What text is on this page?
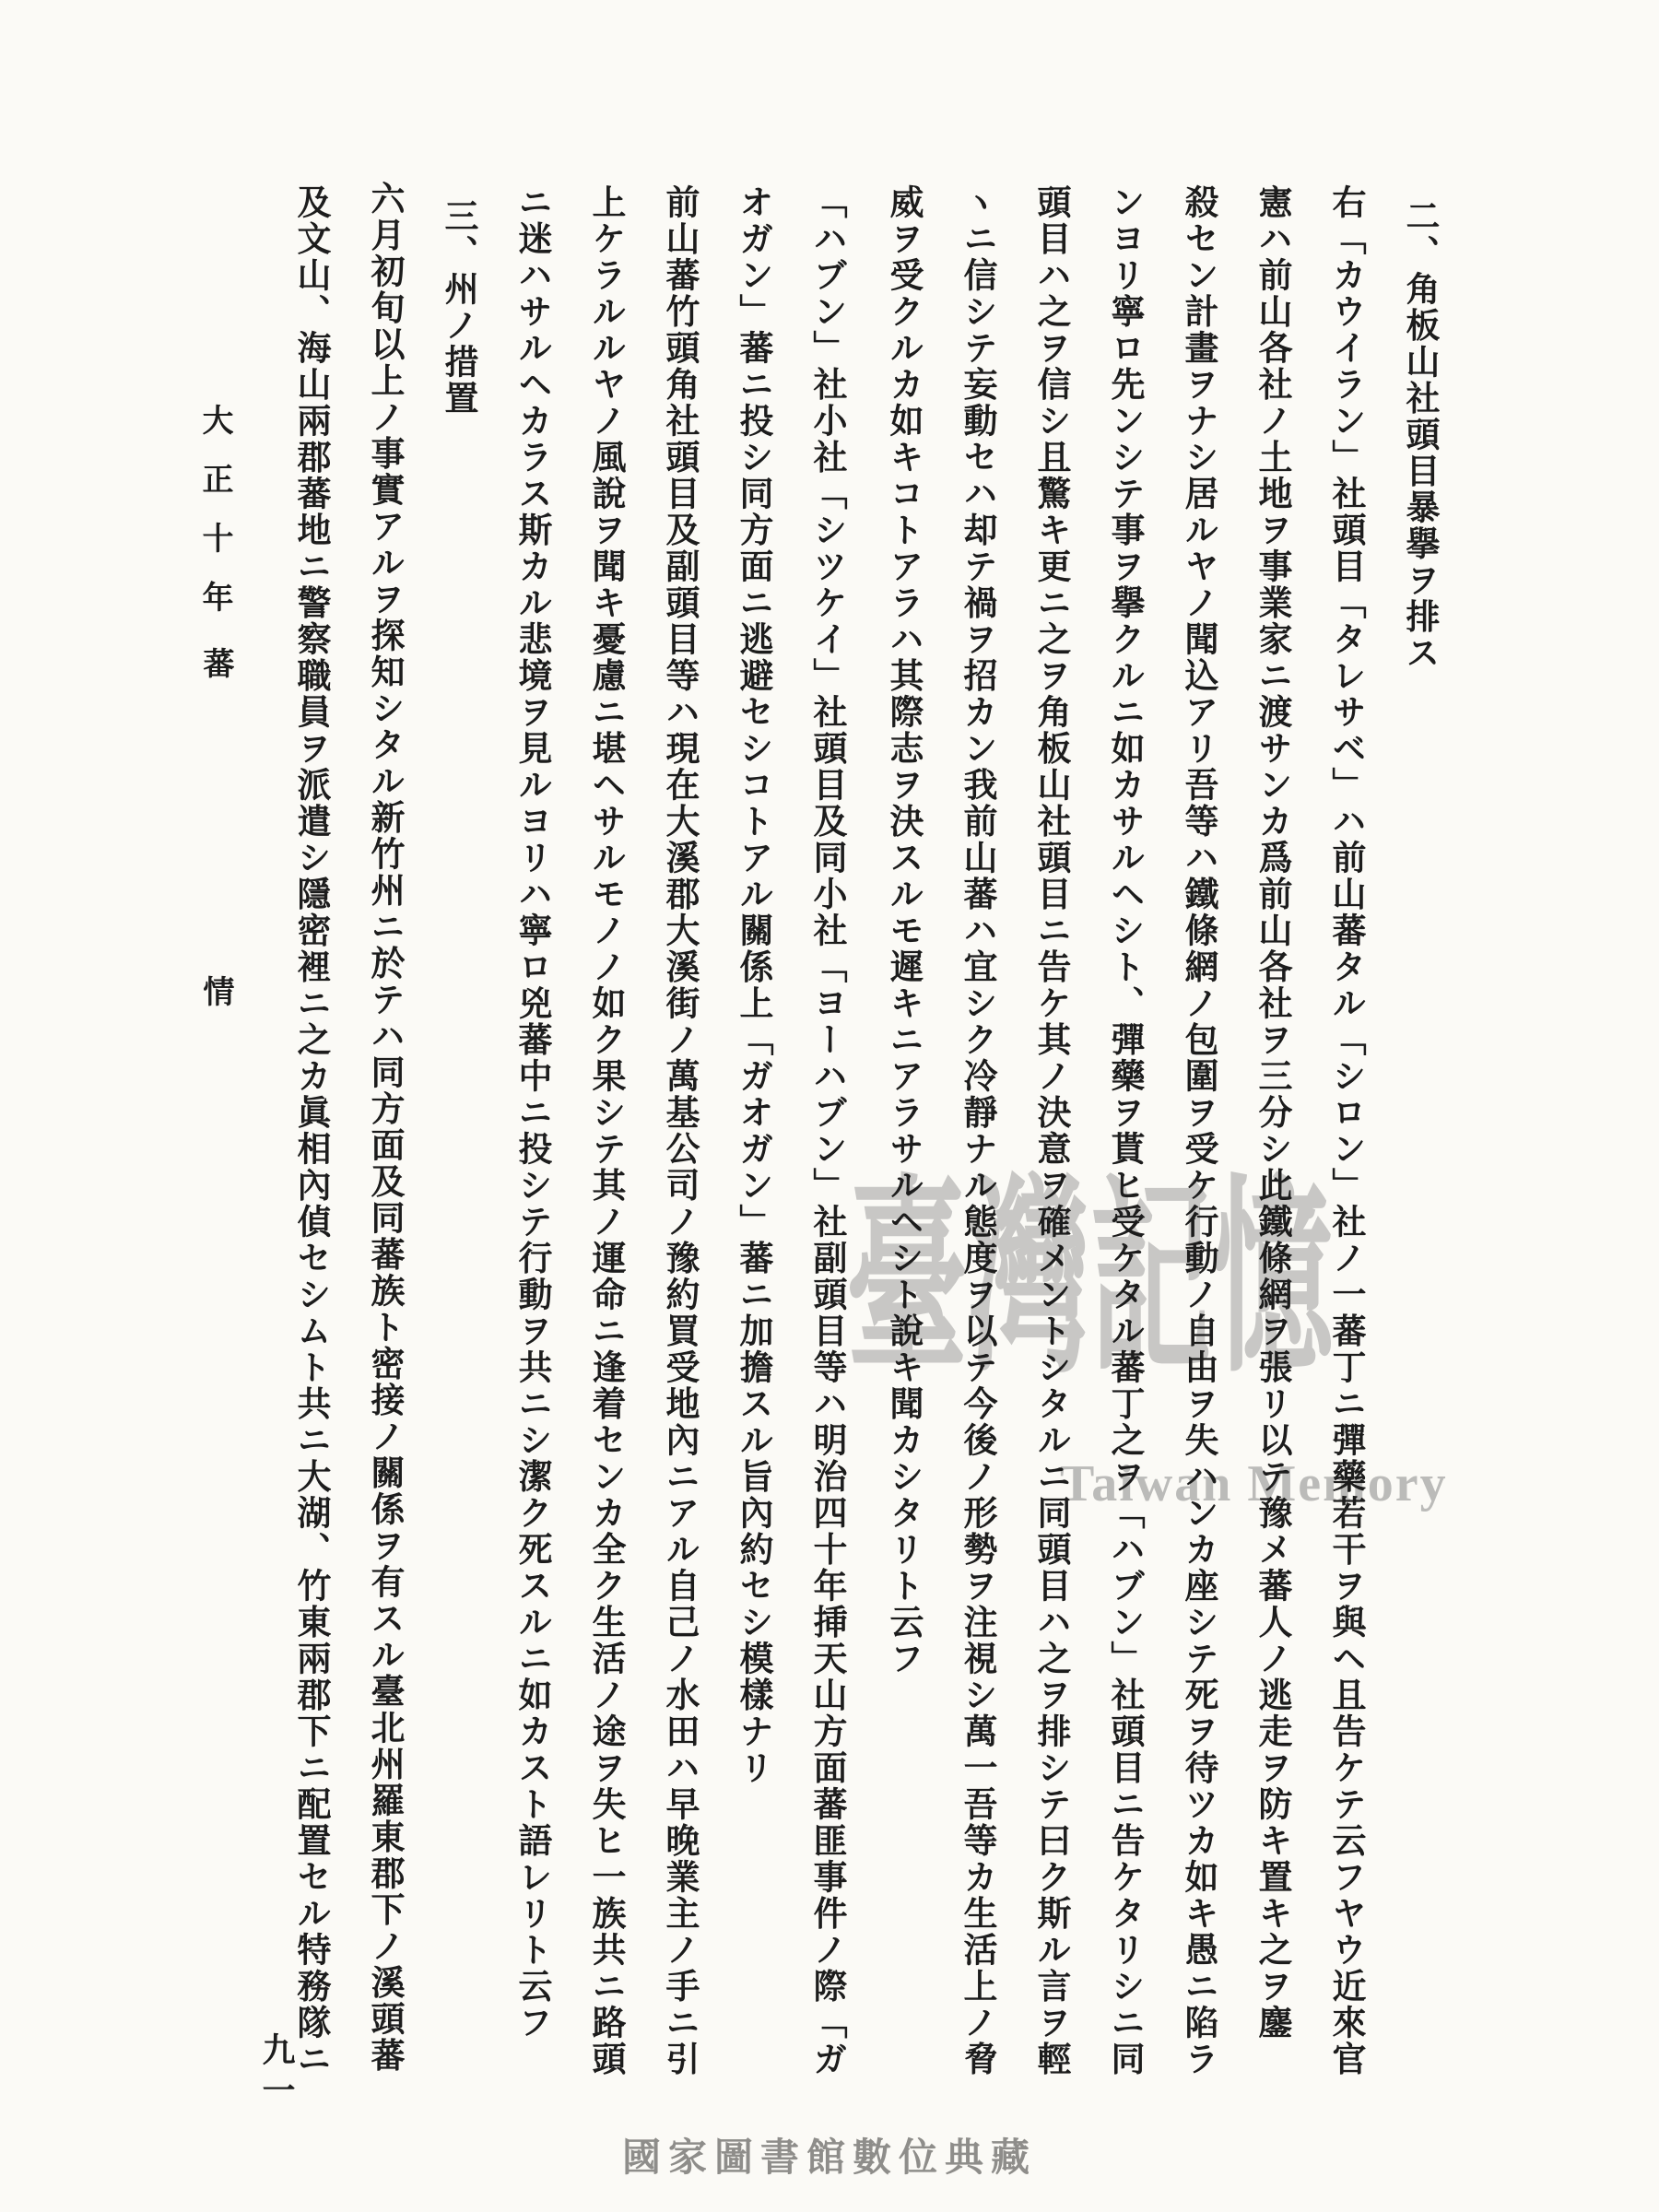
臺灣記憶
Taiwan Memory
二、角板山社頭目暴擧ヲ排ス
右「カウイラン」社頭目「タレサベ」ハ前山蕃タル「シロン」社ノ一蕃丁ニ彈藥若干ヲ與ヘ且告ケテ云フヤウ近來官
憲ハ前山各社ノ土地ヲ事業家ニ渡サンカ爲前山各社ヲ三分シ此鐵條網ヲ張リ以テ豫メ蕃人ノ逃走ヲ防キ置キ之ヲ鏖
殺セン計畫ヲナシ居ルヤノ聞込アリ吾等ハ鐵條網ノ包圍ヲ受ケ行動ノ自由ヲ失ハンカ座シテ死ヲ待ツカ如キ愚ニ陷ラ
ンヨリ寧ロ先ンシテ事ヲ擧クルニ如カサルヘシト、彈藥ヲ貰ヒ受ケタル蕃丁之ヲ「ハブン」社頭目ニ告ケタリシニ同
頭目ハ之ヲ信シ且驚キ更ニ之ヲ角板山社頭目ニ告ケ其ノ決意ヲ確メントシタルニ同頭目ハ之ヲ排シテ曰ク斯ル言ヲ輕
ヽニ信シテ妄動セハ却テ禍ヲ招カン我前山蕃ハ宜シク冷靜ナル態度ヲ以テ今後ノ形勢ヲ注視シ萬一吾等カ生活上ノ脅
威ヲ受クルカ如キコトアラハ其際志ヲ決スルモ遲キニアラサルヘシト說キ聞カシタリト云フ
「ハブン」社小社「シツケイ」社頭目及同小社「ヨーハブン」社副頭目等ハ明治四十年挿天山方面蕃匪事件ノ際「ガ
オガン」蕃ニ投シ同方面ニ逃避セシコトアル關係上「ガオガン」蕃ニ加擔スル旨內約セシ模樣ナリ
前山蕃竹頭角社頭目及副頭目等ハ現在大溪郡大溪街ノ萬基公司ノ豫約買受地內ニアル自己ノ水田ハ早晚業主ノ手ニ引
上ケラルルヤノ風說ヲ聞キ憂慮ニ堪ヘサルモノノ如ク果シテ其ノ運命ニ逢着センカ全ク生活ノ途ヲ失ヒ一族共ニ路頭
ニ迷ハサルヘカラス斯カル悲境ヲ見ルヨリハ寧ロ兇蕃中ニ投シテ行動ヲ共ニシ潔ク死スルニ如カスト語レリト云フ
三、州ノ措置
六月初旬以上ノ事實アルヲ探知シタル新竹州ニ於テハ同方面及同蕃族ト密接ノ關係ヲ有スル臺北州羅東郡下ノ溪頭蕃
及文山、海山兩郡蕃地ニ警察職員ヲ派遣シ隱密裡ニ之カ眞相內偵セシムト共ニ大湖、竹東兩郡下ニ配置セル特務隊ニ
大正十年
蕃情
九一
國家圖書館數位典藏
